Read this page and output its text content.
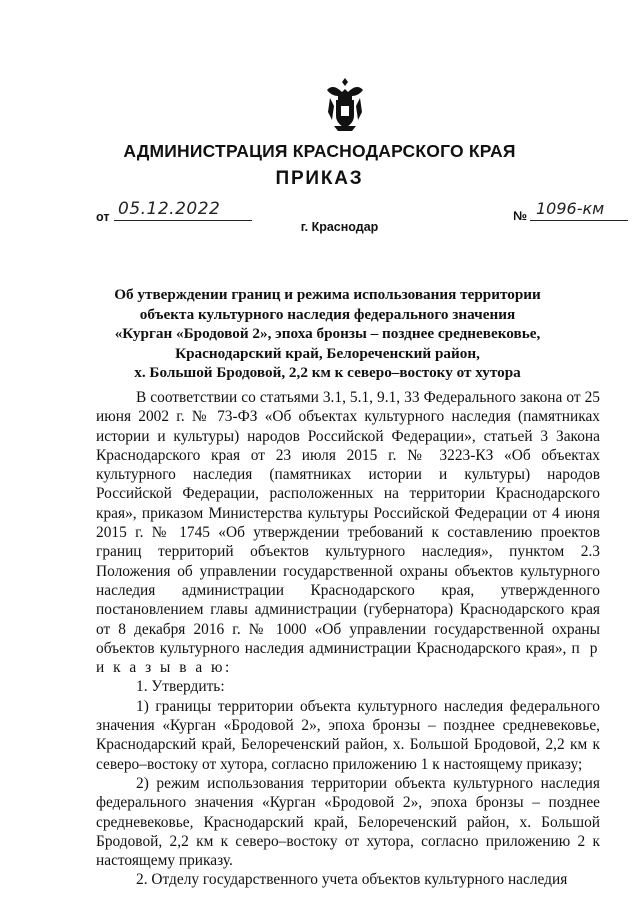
АДМИНИСТРАЦИЯ КРАСНОДАРСКОГО КРАЯ
ПРИКАЗ
от 05.12.2022	№ 1096-км
г. Краснодар
Об утверждении границ и режима использования территории
объекта культурного наследия федерального значения
«Курган «Бродовой 2», эпоха бронзы – позднее средневековье,
Краснодарский край, Белореченский район,
х. Большой Бродовой, 2,2 км к северо–востоку от хутора

В соответствии со статьями 3.1, 5.1, 9.1, 33 Федерального закона от 25 июня 2002 г. № 73-ФЗ «Об объектах культурного наследия (памятниках истории и культуры) народов Российской Федерации», статьей 3 Закона Краснодарского края от 23 июля 2015 г. № 3223-КЗ «Об объектах культурного наследия (памятниках истории и культуры) народов Российской Федерации, расположенных на территории Краснодарского края», приказом Министерства культуры Российской Федерации от 4 июня 2015 г. № 1745 «Об утверждении требований к составлению проектов границ территорий объектов культурного наследия», пунктом 2.3 Положения об управлении государственной охраны объектов культурного наследия администрации Краснодарского края, утвержденного постановлением главы администрации (губернатора) Краснодарского края от 8 декабря 2016 г. № 1000 «Об управлении государственной охраны объектов культурного наследия администрации Краснодарского края», п р и к а з ы в а ю:

1. Утвердить:

1) границы территории объекта культурного наследия федерального значения «Курган «Бродовой 2», эпоха бронзы – позднее средневековье, Краснодарский край, Белореченский район, х. Большой Бродовой, 2,2 км к северо–востоку от хутора, согласно приложению 1 к настоящему приказу;

2) режим использования территории объекта культурного наследия федерального значения «Курган «Бродовой 2», эпоха бронзы – позднее средневековье, Краснодарский край, Белореченский район, х. Большой Бродовой, 2,2 км к северо–востоку от хутора, согласно приложению 2 к настоящему приказу.

2. Отделу государственного учета объектов культурного наследия
